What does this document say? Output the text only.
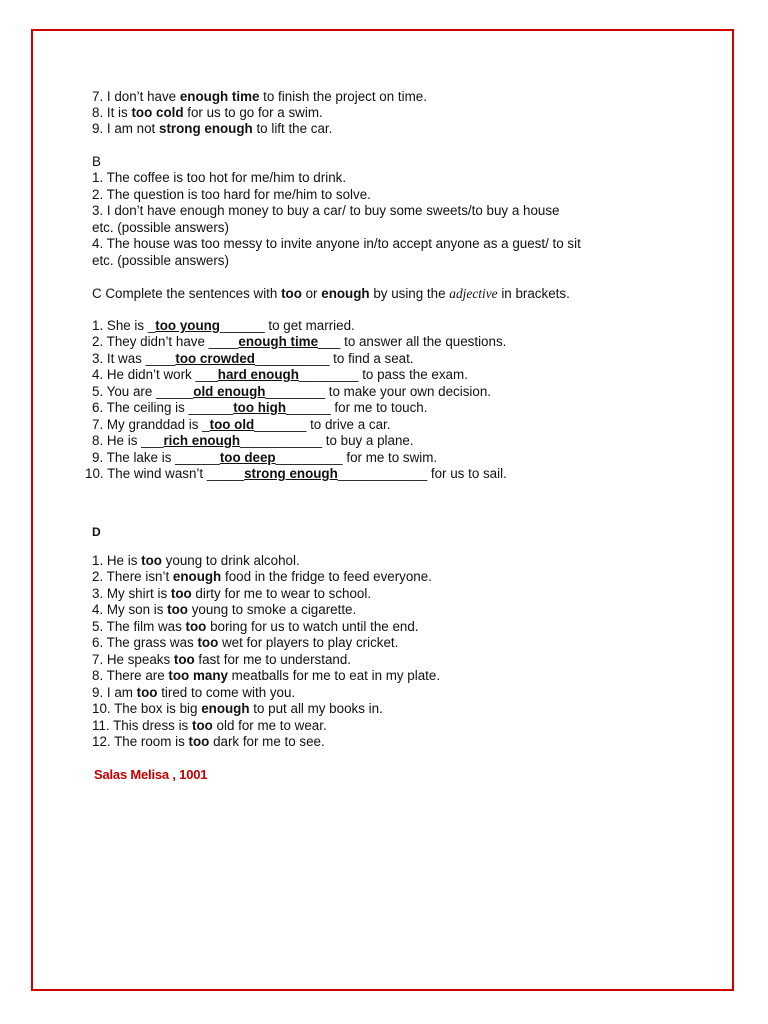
7. I don’t have enough time to finish the project on time.
8. It is too cold for us to go for a swim.
9. I am not strong enough to lift the car.
B
1. The coffee is too hot for me/him to drink.
2. The question is too hard for me/him to solve.
3. I don’t have enough money to buy a car/ to buy some sweets/to buy a house
etc. (possible answers)
4. The house was too messy to invite anyone in/to accept anyone as a guest/ to sit
etc. (possible answers)
C Complete the sentences with too or enough by using the adjective in brackets.
1. She is _too young______ to get married.
2. They didn’t have ____enough time___ to answer all the questions.
3. It was ____too crowded__________ to find a seat.
4. He didn’t work ___hard enough________ to pass the exam.
5. You are _____old enough________ to make your own decision.
6. The ceiling is ______too high______ for me to touch.
7. My granddad is _too old_______ to drive a car.
8. He is ___rich enough___________ to buy a plane.
9. The lake is ______too deep_________ for me to swim.
10. The wind wasn’t _____strong enough____________ for us to sail.
D
1. He is too young to drink alcohol.
2. There isn’t enough food in the fridge to feed everyone.
3. My shirt is too dirty for me to wear to school.
4. My son is too young to smoke a cigarette.
5. The film was too boring for us to watch until the end.
6. The grass was too wet for players to play cricket.
7. He speaks too fast for me to understand.
8. There are too many meatballs for me to eat in my plate.
9. I am too tired to come with you.
10. The box is big enough to put all my books in.
11. This dress is too old for me to wear.
12. The room is too dark for me to see.
Salas Melisa , 1001
